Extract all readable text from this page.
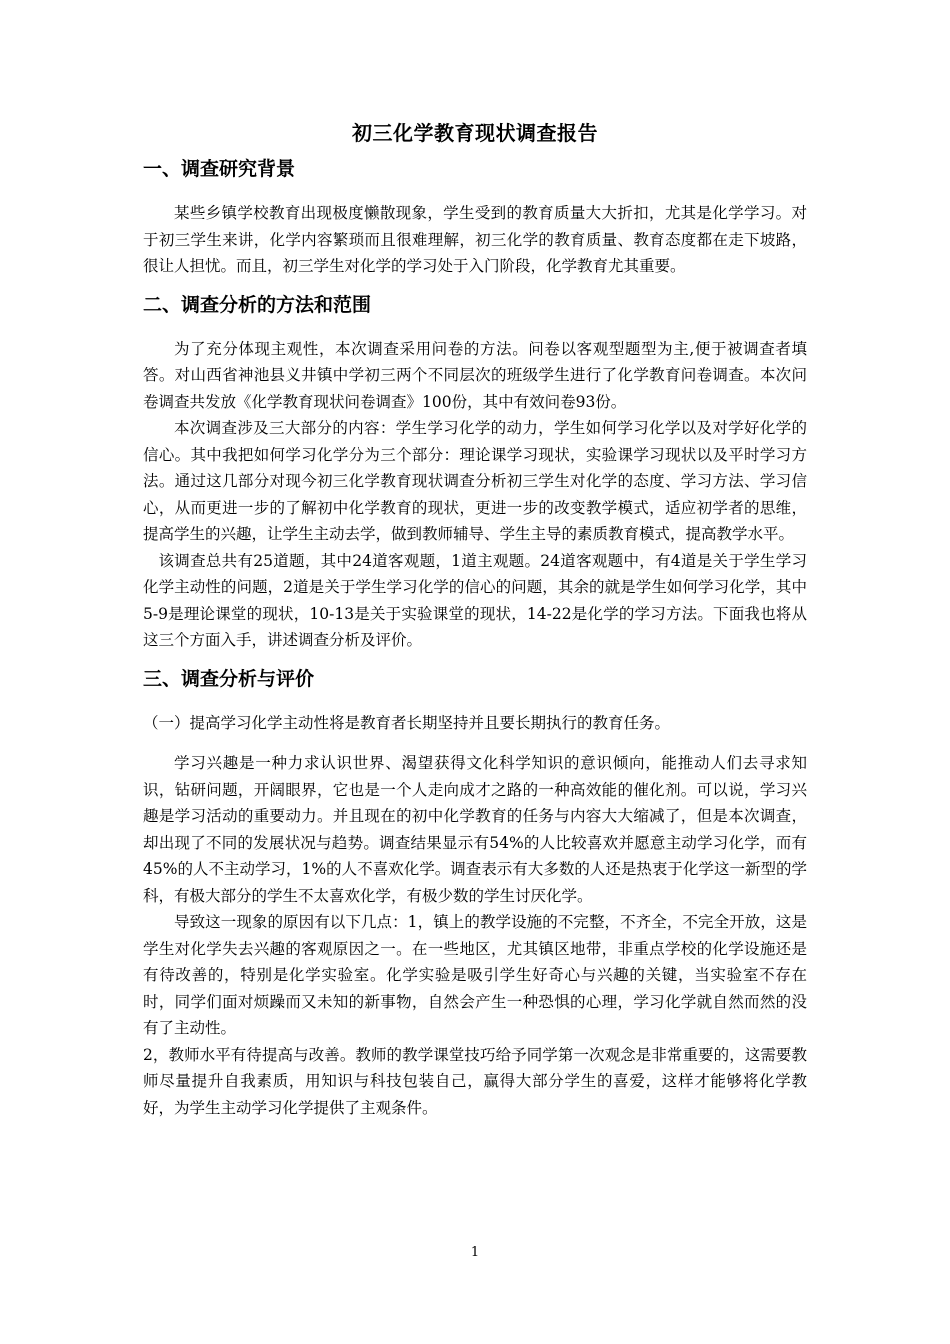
初三化学教育现状调查报告
一、调查研究背景

某些乡镇学校教育出现极度懒散现象，学生受到的教育质量大大折扣，尤其是化学学习。对于初三学生来讲，化学内容繁琐而且很难理解，初三化学的教育质量、教育态度都在走下坡路，很让人担忧。而且，初三学生对化学的学习处于入门阶段，化学教育尤其重要。

二、调查分析的方法和范围

为了充分体现主观性，本次调查采用问卷的方法。问卷以客观型题型为主,便于被调查者填答。对山西省神池县义井镇中学初三两个不同层次的班级学生进行了化学教育问卷调查。本次问卷调查共发放《化学教育现状问卷调查》100份，其中有效问卷93份。

本次调查涉及三大部分的内容：学生学习化学的动力，学生如何学习化学以及对学好化学的信心。其中我把如何学习化学分为三个部分：理论课学习现状，实验课学习现状以及平时学习方法。通过这几部分对现今初三化学教育现状调查分析初三学生对化学的态度、学习方法、学习信心，从而更进一步的了解初中化学教育的现状，更进一步的改变教学模式，适应初学者的思维，提高学生的兴趣，让学生主动去学，做到教师辅导、学生主导的素质教育模式，提高教学水平。

该调查总共有25道题，其中24道客观题，1道主观题。24道客观题中，有4道是关于学生学习化学主动性的问题，2道是关于学生学习化学的信心的问题，其余的就是学生如何学习化学，其中5-9是理论课堂的现状，10-13是关于实验课堂的现状，14-22是化学的学习方法。下面我也将从这三个方面入手，讲述调查分析及评价。

三、调查分析与评价

（一）提高学习化学主动性将是教育者长期坚持并且要长期执行的教育任务。

学习兴趣是一种力求认识世界、渴望获得文化科学知识的意识倾向，能推动人们去寻求知识，钻研问题，开阔眼界，它也是一个人走向成才之路的一种高效能的催化剂。可以说，学习兴趣是学习活动的重要动力。并且现在的初中化学教育的任务与内容大大缩减了，但是本次调查，却出现了不同的发展状况与趋势。调查结果显示有54%的人比较喜欢并愿意主动学习化学，而有45%的人不主动学习，1%的人不喜欢化学。调查表示有大多数的人还是热衷于化学这一新型的学科，有极大部分的学生不太喜欢化学，有极少数的学生讨厌化学。

导致这一现象的原因有以下几点：1，镇上的教学设施的不完整，不齐全，不完全开放，这是学生对化学失去兴趣的客观原因之一。在一些地区，尤其镇区地带，非重点学校的化学设施还是有待改善的，特别是化学实验室。化学实验是吸引学生好奇心与兴趣的关键，当实验室不存在时，同学们面对烦躁而又未知的新事物，自然会产生一种恐惧的心理，学习化学就自然而然的没有了主动性。

2，教师水平有待提高与改善。教师的教学课堂技巧给予同学第一次观念是非常重要的，这需要教师尽量提升自我素质，用知识与科技包装自己，赢得大部分学生的喜爱，这样才能够将化学教好，为学生主动学习化学提供了主观条件。

1
